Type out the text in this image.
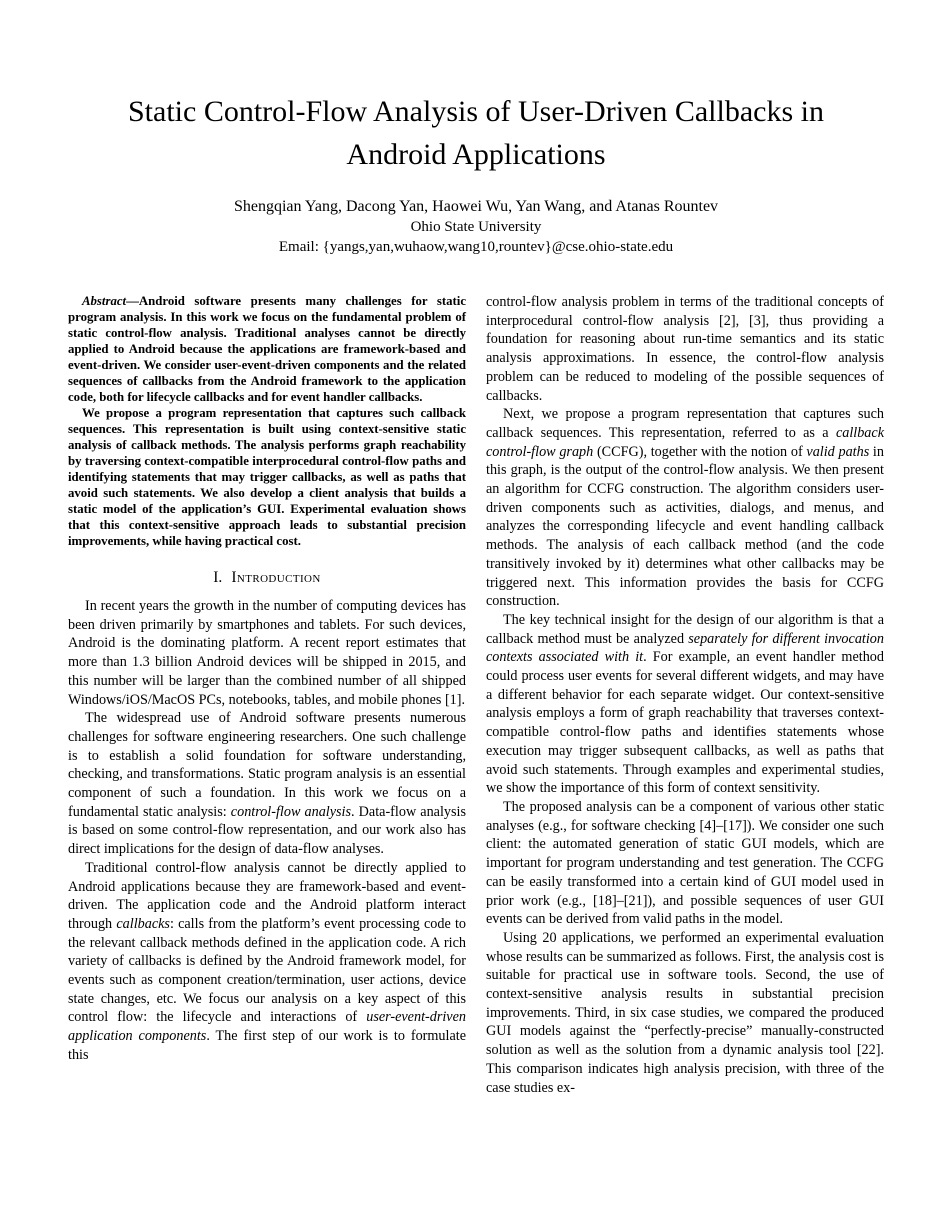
Static Control-Flow Analysis of User-Driven Callbacks in Android Applications
Shengqian Yang, Dacong Yan, Haowei Wu, Yan Wang, and Atanas Rountev
Ohio State University
Email: {yangs,yan,wuhaow,wang10,rountev}@cse.ohio-state.edu

Abstract—Android software presents many challenges for static program analysis. In this work we focus on the fundamental problem of static control-flow analysis. Traditional analyses cannot be directly applied to Android because the applications are framework-based and event-driven. We consider user-event-driven components and the related sequences of callbacks from the Android framework to the application code, both for lifecycle callbacks and for event handler callbacks.

We propose a program representation that captures such callback sequences. This representation is built using context-sensitive static analysis of callback methods. The analysis performs graph reachability by traversing context-compatible interprocedural control-flow paths and identifying statements that may trigger callbacks, as well as paths that avoid such statements. We also develop a client analysis that builds a static model of the application’s GUI. Experimental evaluation shows that this context-sensitive approach leads to substantial precision improvements, while having practical cost.

I. Introduction

In recent years the growth in the number of computing devices has been driven primarily by smartphones and tablets. For such devices, Android is the dominating platform. A recent report estimates that more than 1.3 billion Android devices will be shipped in 2015, and this number will be larger than the combined number of all shipped Windows/iOS/MacOS PCs, notebooks, tables, and mobile phones [1].

The widespread use of Android software presents numerous challenges for software engineering researchers. One such challenge is to establish a solid foundation for software understanding, checking, and transformations. Static program analysis is an essential component of such a foundation. In this work we focus on a fundamental static analysis: control-flow analysis. Data-flow analysis is based on some control-flow representation, and our work also has direct implications for the design of data-flow analyses.

Traditional control-flow analysis cannot be directly applied to Android applications because they are framework-based and event-driven. The application code and the Android platform interact through callbacks: calls from the platform’s event processing code to the relevant callback methods defined in the application code. A rich variety of callbacks is defined by the Android framework model, for events such as component creation/termination, user actions, device state changes, etc. We focus our analysis on a key aspect of this control flow: the lifecycle and interactions of user-event-driven application components. The first step of our work is to formulate this

control-flow analysis problem in terms of the traditional concepts of interprocedural control-flow analysis [2], [3], thus providing a foundation for reasoning about run-time semantics and its static analysis approximations. In essence, the control-flow analysis problem can be reduced to modeling of the possible sequences of callbacks.

Next, we propose a program representation that captures such callback sequences. This representation, referred to as a callback control-flow graph (CCFG), together with the notion of valid paths in this graph, is the output of the control-flow analysis. We then present an algorithm for CCFG construction. The algorithm considers user-driven components such as activities, dialogs, and menus, and analyzes the corresponding lifecycle and event handling callback methods. The analysis of each callback method (and the code transitively invoked by it) determines what other callbacks may be triggered next. This information provides the basis for CCFG construction.

The key technical insight for the design of our algorithm is that a callback method must be analyzed separately for different invocation contexts associated with it. For example, an event handler method could process user events for several different widgets, and may have a different behavior for each separate widget. Our context-sensitive analysis employs a form of graph reachability that traverses context-compatible control-flow paths and identifies statements whose execution may trigger subsequent callbacks, as well as paths that avoid such statements. Through examples and experimental studies, we show the importance of this form of context sensitivity.

The proposed analysis can be a component of various other static analyses (e.g., for software checking [4]–[17]). We consider one such client: the automated generation of static GUI models, which are important for program understanding and test generation. The CCFG can be easily transformed into a certain kind of GUI model used in prior work (e.g., [18]–[21]), and possible sequences of user GUI events can be derived from valid paths in the model.

Using 20 applications, we performed an experimental evaluation whose results can be summarized as follows. First, the analysis cost is suitable for practical use in software tools. Second, the use of context-sensitive analysis results in substantial precision improvements. Third, in six case studies, we compared the produced GUI models against the “perfectly-precise” manually-constructed solution as well as the solution from a dynamic analysis tool [22]. This comparison indicates high analysis precision, with three of the case studies ex-
